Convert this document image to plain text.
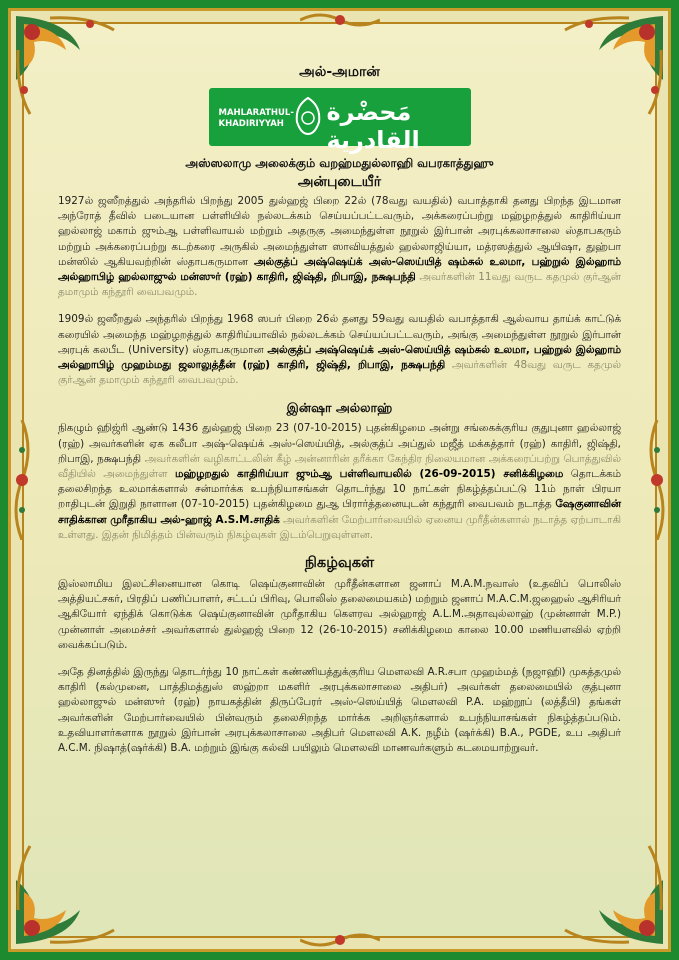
அல்-அமான்
MAHLARATHUL-
KHADIRIYYAH	مَحضْرة القادرية
அஸ்ஸலாமு அலைக்கும் வறஹ்மதுல்லாஹி வபரகாத்துஹு
அன்புடையீர்

1927ல் ஜஸீறத்துல் அந்தரில் பிறந்து 2005 துல்ஹஜ் பிறை 22ல் (78வது வயதில்) வபாத்தாகி தனது பிறந்த இடமான அந்ரோத் தீவில் படையான பள்ளியில் நல்லடக்கம் செய்யப்பட்டவரும், அக்கரைப்பற்று மஹ்ழறத்துல் காதிரிய்யா ஹல்லாஜ் மகாம் ஜும்ஆ பள்ளிவாயல் மற்றும் அதருகு அமைந்துள்ள நூறுல் இர்பான் அரபுக்கலாசாலை ஸ்தாபகரும் மற்றும் அக்கரைப்பற்று கடற்கரை அருகில் அமைந்துள்ள ஸாவியத்துல் ஹல்லாஜிய்யா, மத்ரஸத்துல் ஆயிஷா, துஹ்பா மன்ஸில் ஆகியவற்றின் ஸ்தாபகருமான அல்குத்ப் அஷ்ஷெய்க் அஸ்-ஸெய்யித் ஷம்சுல் உலமா, பஹ்றுல் இல்ஹாம் அல்ஹாபிழ் ஹல்லாஜுல் மன்ஸுர் (ரஹ்) காதிரி, ஜிஷ்தி, றிபாஇ, நக்ஷபந்தி அவர்களின் 11வது வருட கதமுல் குர்ஆன் தமாமும் கந்தூரி வைபவமும்.

1909ல் ஜஸீறதுல் அந்தரில் பிறந்து 1968 ஸபர் பிறை 26ல் தனது 59வது வயதில் வபாத்தாகி ஆல்வாய தாய்க் காட்டுக் கரையில் அமைந்த மஹ்ழறத்துல் காதிரிய்யாவில் நல்லடக்கம் செய்யப்பட்டவரும், அங்கு அமைந்துள்ள நூறுல் இர்பான் அரபுக் கலபீட (University) ஸ்தாபகருமான அல்குத்ப் அஷ்ஷெய்க் அஸ்-ஸெய்யித் ஷம்சுல் உலமா, பஹ்றுல் இல்ஹாம் அல்ஹாபிழ் முஹம்மது ஜலாலுத்தீன் (ரஹ்) காதிரி, ஜிஷ்தி, றிபாஇ, நக்ஷபந்தி அவர்களின் 48வது வருட கதமுல் குர்ஆன் தமாமும் கந்தூரி வைபவமும்.

இன்ஷா அல்லாஹ்

நிகழும் ஹிஜ்ரி ஆண்டு 1436 துல்ஹஜ் பிறை 23 (07-10-2015) புதன்கிழமை அன்று சங்கைக்குரிய குதுபுனா ஹல்லாஜ் (ரஹ்) அவர்களின் ஏக கலீபா அஷ்-ஷெய்க் அஸ்-ஸெய்யித், அல்குத்ப் அப்துல் மஜீத் மக்கத்தார் (ரஹ்) காதிரி, ஜிஷ்தி, றிபாஇ, நக்ஷபந்தி அவர்களின் வழிகாட்டலின் கீழ் அன்னாரின் தரீக்கா கேந்திர நிலையமான அக்கரைப்பற்று பொத்துவில் வீதியில் அமைந்துள்ள மஹ்ழறதுல் காதிரிய்யா ஜும்ஆ பள்ளிவாயலில் (26-09-2015) சனிக்கிழமை தொடக்கம் தலைசிறந்த உலமாக்களால் சன்மார்க்க உபந்நியாசங்கள் தொடர்ந்து 10 நாட்கள் நிகழ்த்தப்பட்டு 11ம் நாள் பிரயா றாதிபுடன் இறுதி நாளான (07-10-2015) புதன்கிழமை துஆ பிரார்த்தனையுடன் கந்தூரி வைபவம் நடாத்த ஷேகுனாவின் சாதிக்கான முரீதாகிய அல்-ஹாஜ் A.S.M.சாதிக் அவர்களின் மேற்பார்வையில் ஏனைய முரீதீன்களால் நடாத்த ஏற்பாடாகி உள்ளது. இதன் நிமித்தம் பின்வரும் நிகழ்வுகள் இடம்பெறுவுள்ளன.

நிகழ்வுகள்

இஸ்லாமிய இலட்சினையான கொடி ஷெய்குனாவின் முரீதீன்களான ஜனாப் M.A.M.நவாஸ் (உதவிப் பொலிஸ் அத்தியட்சகர், பிரதிப் பணிப்பாளர், சட்டப் பிரிவு, பொலிஸ் தலைமையகம்) மற்றும் ஜனாப் M.A.C.M.ஜஹைஸ் ஆசிரியர் ஆகியோர் ஏந்திக் கொடுக்க ஷெய்குனாவின் முரீதாகிய கௌரவ அல்ஹாஜ் A.L.M.அதாவுல்லாஹ் (முன்னாள் M.P.) முன்னாள் அமைச்சர் அவர்களால் துல்ஹஜ் பிறை 12 (26-10-2015) சனிக்கிழமை காலை 10.00 மணியளவில் ஏற்றி வைக்கப்படும்.

அதே தினத்தில் இருந்து தொடர்ந்து 10 நாட்கள் கண்ணியத்துக்குரிய மௌலவி A.R.சபா முஹம்மத் (நஜாஹி) முகத்தமுல் காதிரி (கல்முனை, பாத்திமத்துஸ் ஸஹ்றா மகளிர் அரபுக்கலாசாலை அதிபர்) அவர்கள் தலைமையில் குத்புனா ஹல்லாஜுல் மன்ஸுர் (ரஹ்) நாயகத்தின் திருப்பேரர் அஸ்-ஸெய்யித் மௌலவி P.A. மஹ்றூப் (லத்தீபி) தங்கள் அவர்களின் மேற்பார்வையில் பின்வரும் தலைசிறந்த மார்க்க அறிஞர்களால் உபந்நியாசங்கள் நிகழ்த்தப்படும். உதவியாளர்களாக நூறுல் இர்பான் அரபுக்கலாசாலை அதிபர் மௌலவி A.K. நழீம் (ஷர்க்கி) B.A., PGDE, உப அதிபர் A.C.M. நிஷாத்(ஷர்க்கி) B.A. மற்றும் இங்கு கல்வி பயிலும் மௌலவி மாணவர்களும் கடமையாற்றுவர்.
